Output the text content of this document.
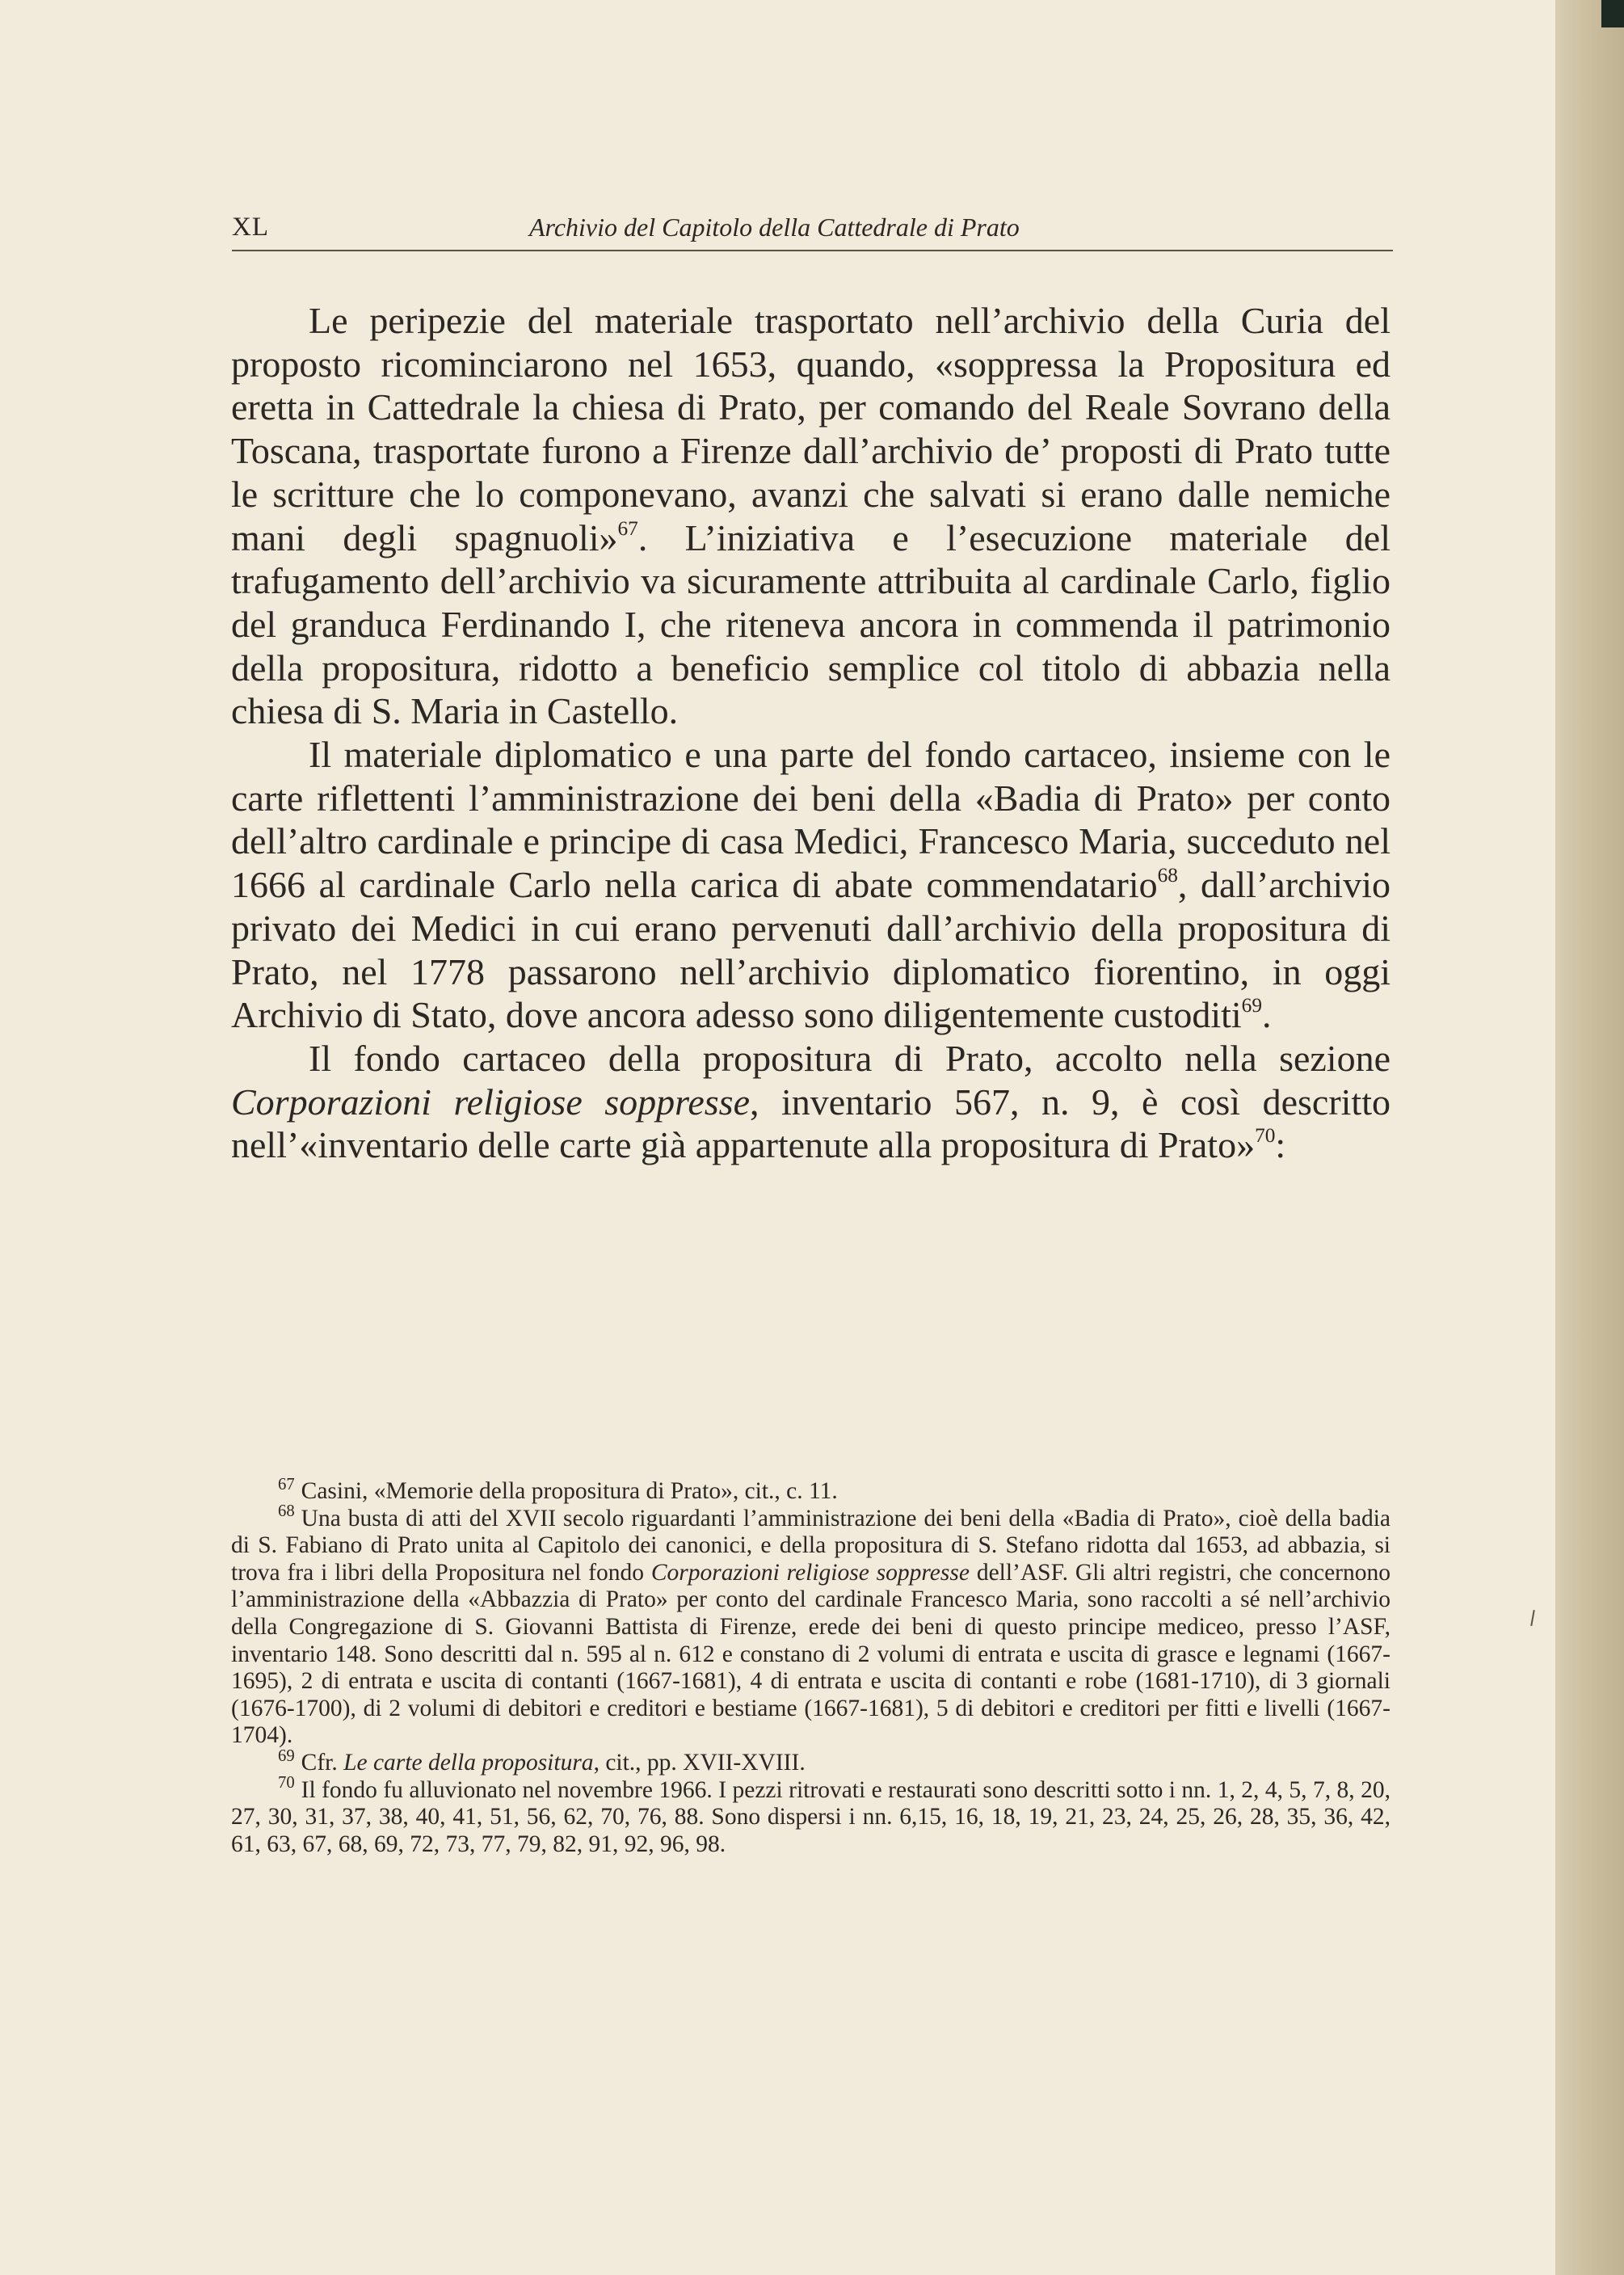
XL	Archivio del Capitolo della Cattedrale di Prato

Le peripezie del materiale trasportato nell’archivio della Curia del proposto ricominciarono nel 1653, quando, «soppressa la Propositura ed eretta in Cattedrale la chiesa di Prato, per comando del Reale Sovrano della Toscana, trasportate furono a Firenze dall’archivio de’ proposti di Prato tutte le scritture che lo componevano, avanzi che salvati si erano dalle nemiche mani degli spagnuoli»$^{67}$. L’iniziativa e l’esecuzione materiale del trafugamento dell’archivio va sicuramente attribuita al cardinale Carlo, figlio del granduca Ferdinando I, che riteneva ancora in commenda il patrimonio della propositura, ridotto a beneficio semplice col titolo di abbazia nella chiesa di S. Maria in Castello.

Il materiale diplomatico e una parte del fondo cartaceo, insieme con le carte riflettenti l’amministrazione dei beni della «Badia di Prato» per conto dell’altro cardinale e principe di casa Medici, Francesco Maria, succeduto nel 1666 al cardinale Carlo nella carica di abate commendatario$^{68}$, dall’archivio privato dei Medici in cui erano pervenuti dall’archivio della propositura di Prato, nel 1778 passarono nell’archivio diplomatico fiorentino, in oggi Archivio di Stato, dove ancora adesso sono diligentemente custoditi$^{69}$.

Il fondo cartaceo della propositura di Prato, accolto nella sezione Corporazioni religiose soppresse, inventario 567, n. 9, è così descritto nell’«inventario delle carte già appartenute alla propositura di Prato»$^{70}$:

$^{67}$ Casini, «Memorie della propositura di Prato», cit., c. 11.

$^{68}$ Una busta di atti del XVII secolo riguardanti l’amministrazione dei beni della «Badia di Prato», cioè della badia di S. Fabiano di Prato unita al Capitolo dei canonici, e della propositura di S. Stefano ridotta dal 1653, ad abbazia, si trova fra i libri della Propositura nel fondo Corporazioni religiose soppresse dell’ASF. Gli altri registri, che concernono l’amministrazione della «Abbazzia di Prato» per conto del cardinale Francesco Maria, sono raccolti a sé nell’archivio della Congregazione di S. Giovanni Battista di Firenze, erede dei beni di questo principe mediceo, presso l’ASF, inventario 148. Sono descritti dal n. 595 al n. 612 e constano di 2 volumi di entrata e uscita di grasce e legnami (1667-1695), 2 di entrata e uscita di contanti (1667-1681), 4 di entrata e uscita di contanti e robe (1681-1710), di 3 giornali (1676-1700), di 2 volumi di debitori e creditori e bestiame (1667-1681), 5 di debitori e creditori per fitti e livelli (1667-1704).

$^{69}$ Cfr. Le carte della propositura, cit., pp. XVII-XVIII.

$^{70}$ Il fondo fu alluvionato nel novembre 1966. I pezzi ritrovati e restaurati sono descritti sotto i nn. 1, 2, 4, 5, 7, 8, 20, 27, 30, 31, 37, 38, 40, 41, 51, 56, 62, 70, 76, 88. Sono dispersi i nn. 6,15, 16, 18, 19, 21, 23, 24, 25, 26, 28, 35, 36, 42, 61, 63, 67, 68, 69, 72, 73, 77, 79, 82, 91, 92, 96, 98.
